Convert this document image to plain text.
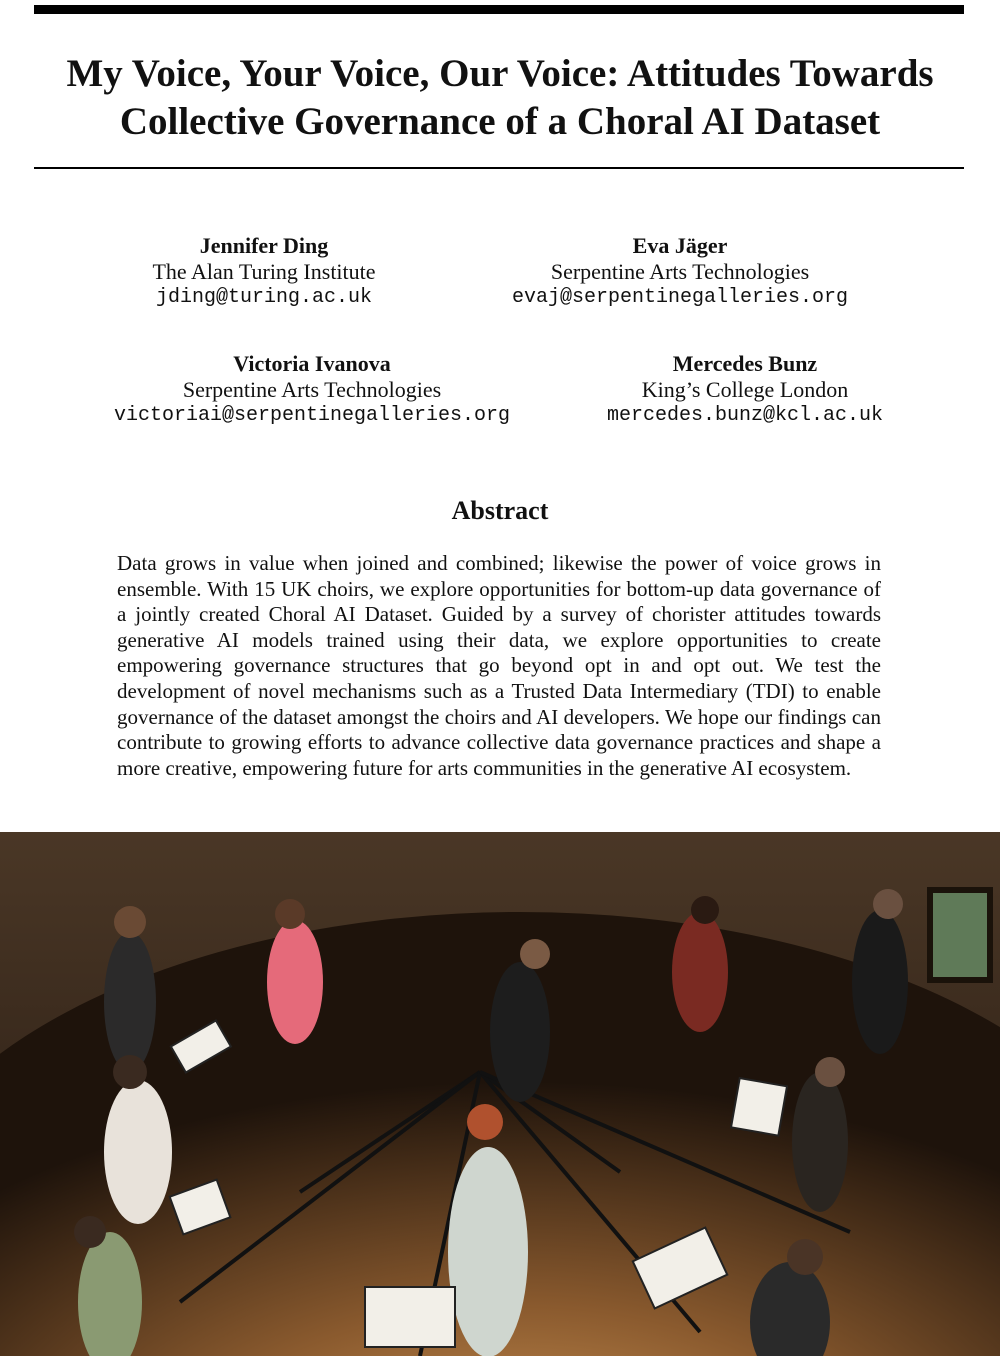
My Voice, Your Voice, Our Voice: Attitudes Towards
Collective Governance of a Choral AI Dataset
Jennifer Ding
The Alan Turing Institute
jding@turing.ac.uk
Eva Jäger
Serpentine Arts Technologies
evaj@serpentinegalleries.org
Victoria Ivanova
Serpentine Arts Technologies
victoriai@serpentinegalleries.org
Mercedes Bunz
King’s College London
mercedes.bunz@kcl.ac.uk
Abstract

Data grows in value when joined and combined; likewise the power of voice grows in ensemble. With 15 UK choirs, we explore opportunities for bottom-up data governance of a jointly created Choral AI Dataset. Guided by a survey of chorister attitudes towards generative AI models trained using their data, we explore opportunities to create empowering governance structures that go beyond opt in and opt out. We test the development of novel mechanisms such as a Trusted Data Intermediary (TDI) to enable governance of the dataset amongst the choirs and AI developers. We hope our findings can contribute to growing efforts to advance collective data governance practices and shape a more creative, empowering future for arts communities in the generative AI ecosystem.
